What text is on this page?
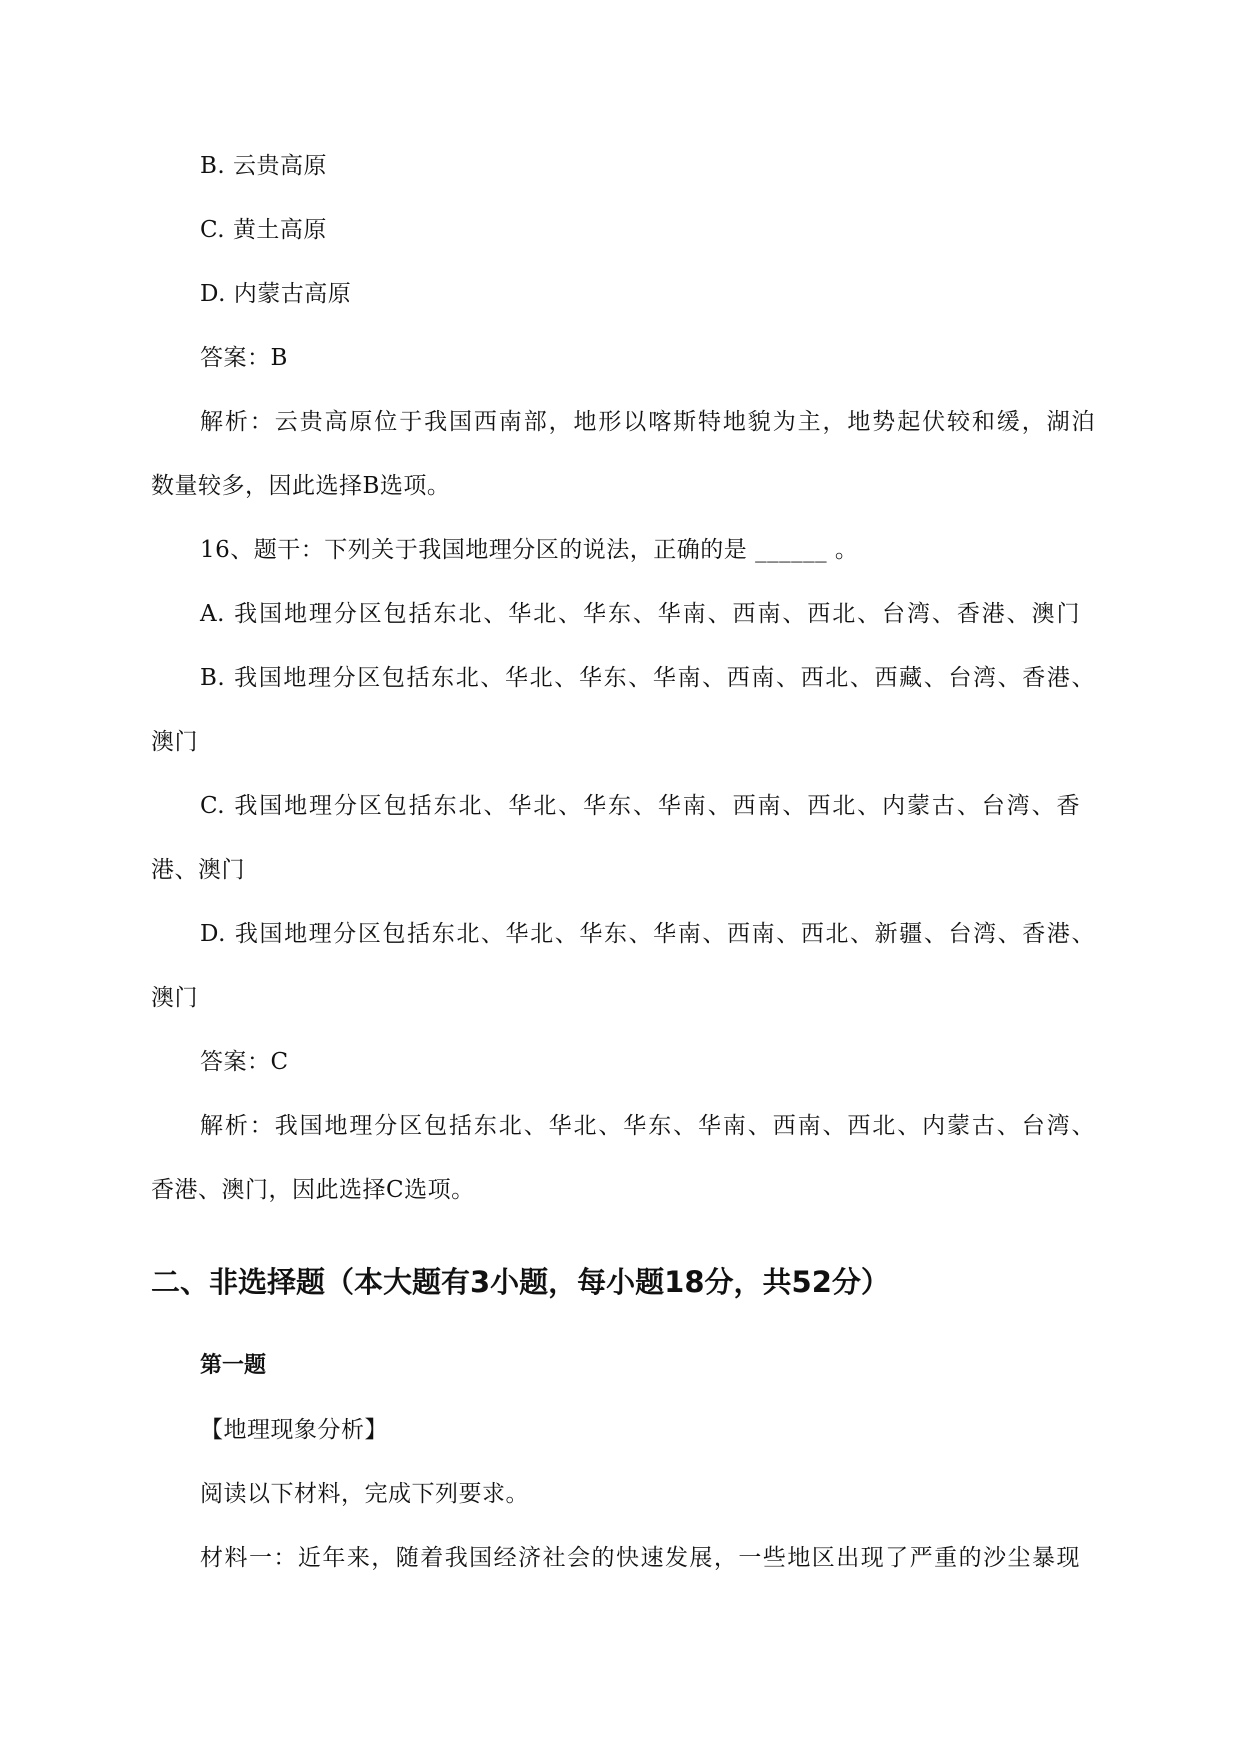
B. 云贵高原
C. 黄土高原
D. 内蒙古高原
答案：B
解析：云贵高原位于我国西南部，地形以喀斯特地貌为主，地势起伏较和缓，湖泊
数量较多，因此选择B选项。
16、题干：下列关于我国地理分区的说法，正确的是 ______ 。
A. 我国地理分区包括东北、华北、华东、华南、西南、西北、台湾、香港、澳门
B. 我国地理分区包括东北、华北、华东、华南、西南、西北、西藏、台湾、香港、
澳门
C. 我国地理分区包括东北、华北、华东、华南、西南、西北、内蒙古、台湾、香
港、澳门
D. 我国地理分区包括东北、华北、华东、华南、西南、西北、新疆、台湾、香港、
澳门
答案：C
解析：我国地理分区包括东北、华北、华东、华南、西南、西北、内蒙古、台湾、
香港、澳门，因此选择C选项。
二、非选择题（本大题有3小题，每小题18分，共52分）
第一题
【地理现象分析】
阅读以下材料，完成下列要求。
材料一：近年来，随着我国经济社会的快速发展，一些地区出现了严重的沙尘暴现
